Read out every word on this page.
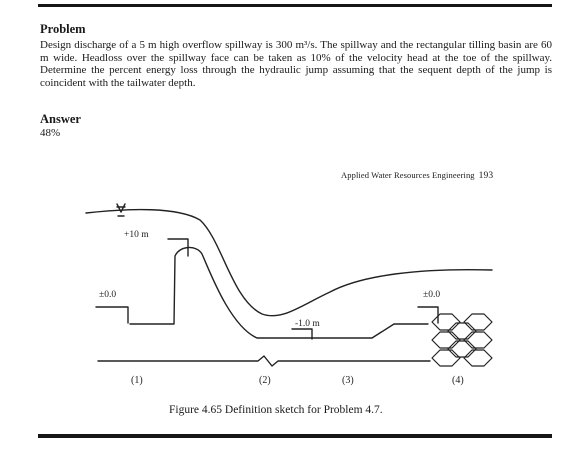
Problem
Design discharge of a 5 m high overflow spillway is 300 m³/s. The spillway and the rectangular tilling basin are 60 m wide. Headloss over the spillway face can be taken as 10% of the velocity head at the toe of the spillway. Determine the percent energy loss through the hydraulic jump assuming that the sequent depth of the jump is coincident with the tailwater depth.
Answer
48%
Applied Water Resources Engineering 193
+10 m
±0.0
-1.0 m
±0.0
(1)	(2)	(3)	(4)
Figure 4.65 Definition sketch for Problem 4.7.
